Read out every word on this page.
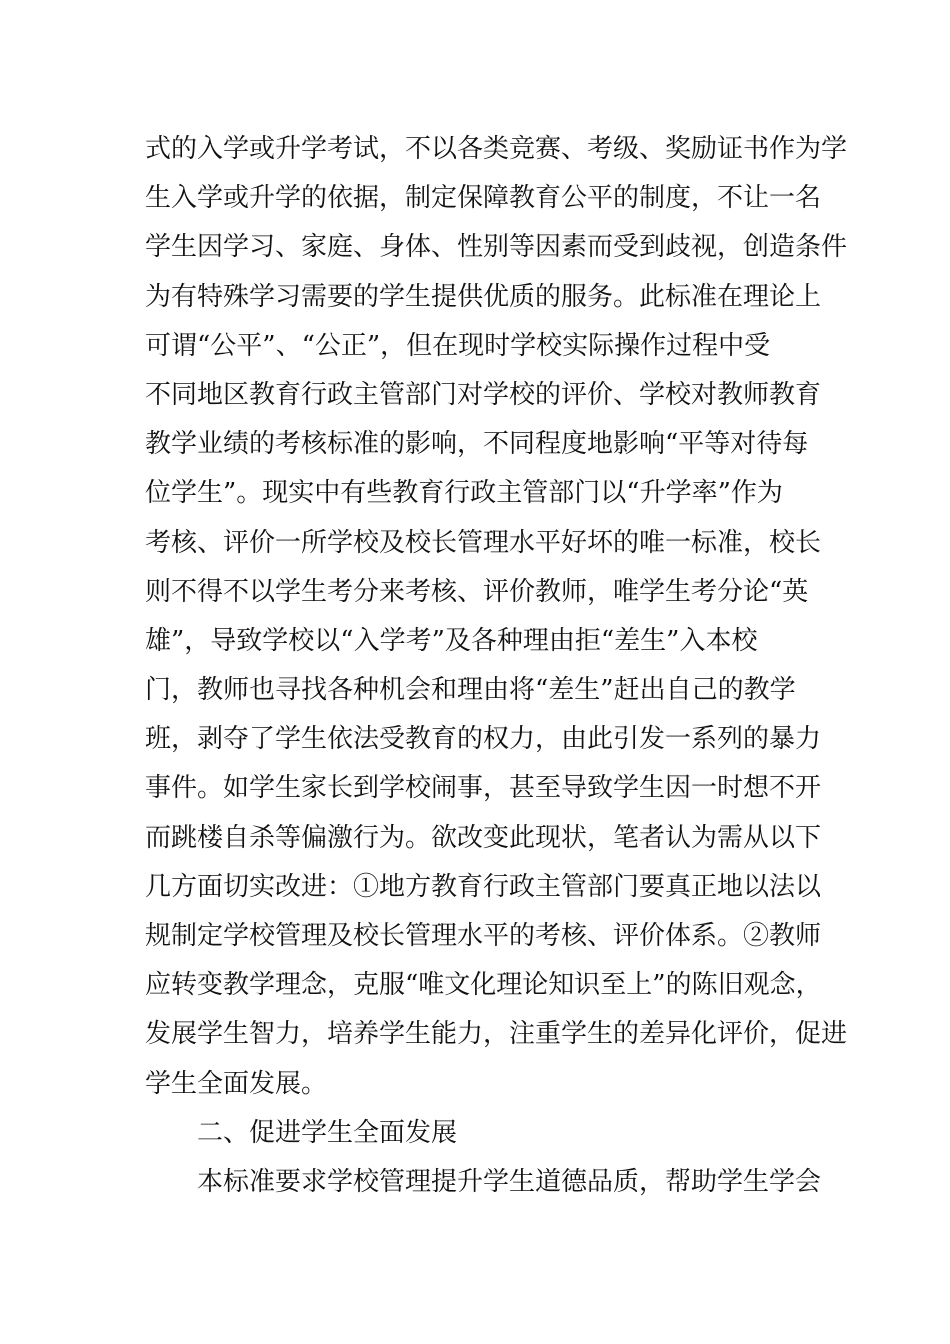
式的入学或升学考试，不以各类竞赛、考级、奖励证书作为学
生入学或升学的依据，制定保障教育公平的制度，不让一名
学生因学习、家庭、身体、性别等因素而受到歧视，创造条件
为有特殊学习需要的学生提供优质的服务。此标准在理论上
可谓“公平”、“公正”，但在现时学校实际操作过程中受
不同地区教育行政主管部门对学校的评价、学校对教师教育
教学业绩的考核标准的影响，不同程度地影响“平等对待每
位学生”。现实中有些教育行政主管部门以“升学率”作为
考核、评价一所学校及校长管理水平好坏的唯一标准，校长
则不得不以学生考分来考核、评价教师，唯学生考分论“英
雄”，导致学校以“入学考”及各种理由拒“差生”入本校
门，教师也寻找各种机会和理由将“差生”赶出自己的教学
班，剥夺了学生依法受教育的权力，由此引发一系列的暴力
事件。如学生家长到学校闹事，甚至导致学生因一时想不开
而跳楼自杀等偏激行为。欲改变此现状，笔者认为需从以下
几方面切实改进：①地方教育行政主管部门要真正地以法以
规制定学校管理及校长管理水平的考核、评价体系。②教师
应转变教学理念，克服“唯文化理论知识至上”的陈旧观念，
发展学生智力，培养学生能力，注重学生的差异化评价，促进
学生全面发展。
二、促进学生全面发展
本标准要求学校管理提升学生道德品质，帮助学生学会
